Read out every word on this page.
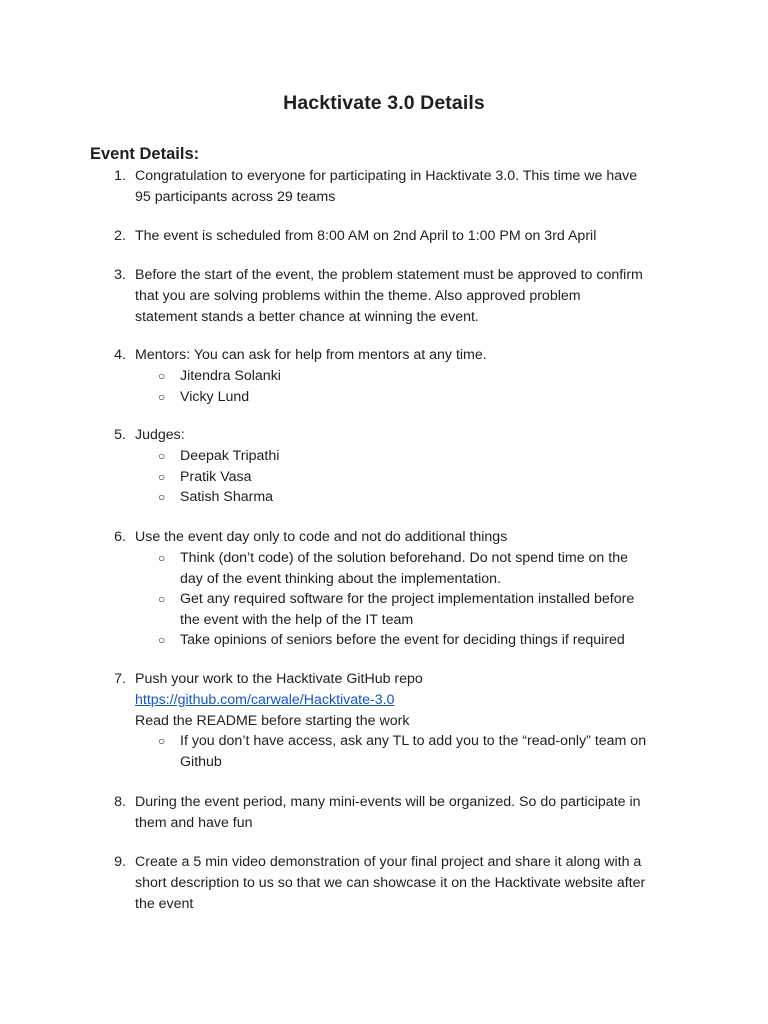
Hacktivate 3.0 Details
Event Details:
1. Congratulation to everyone for participating in Hacktivate 3.0. This time we have
95 participants across 29 teams
2. The event is scheduled from 8:00 AM on 2nd April to 1:00 PM on 3rd April
3. Before the start of the event, the problem statement must be approved to confirm
that you are solving problems within the theme. Also approved problem
statement stands a better chance at winning the event.
4. Mentors: You can ask for help from mentors at any time.
○ Jitendra Solanki
○ Vicky Lund
5. Judges:
○ Deepak Tripathi
○ Pratik Vasa
○ Satish Sharma
6. Use the event day only to code and not do additional things
○ Think (don’t code) of the solution beforehand. Do not spend time on the
day of the event thinking about the implementation.
○ Get any required software for the project implementation installed before
the event with the help of the IT team
○ Take opinions of seniors before the event for deciding things if required
7. Push your work to the Hacktivate GitHub repo
https://github.com/carwale/Hacktivate-3.0
Read the README before starting the work
○ If you don’t have access, ask any TL to add you to the “read-only” team on
Github
8. During the event period, many mini-events will be organized. So do participate in
them and have fun
9. Create a 5 min video demonstration of your final project and share it along with a
short description to us so that we can showcase it on the Hacktivate website after
the event
